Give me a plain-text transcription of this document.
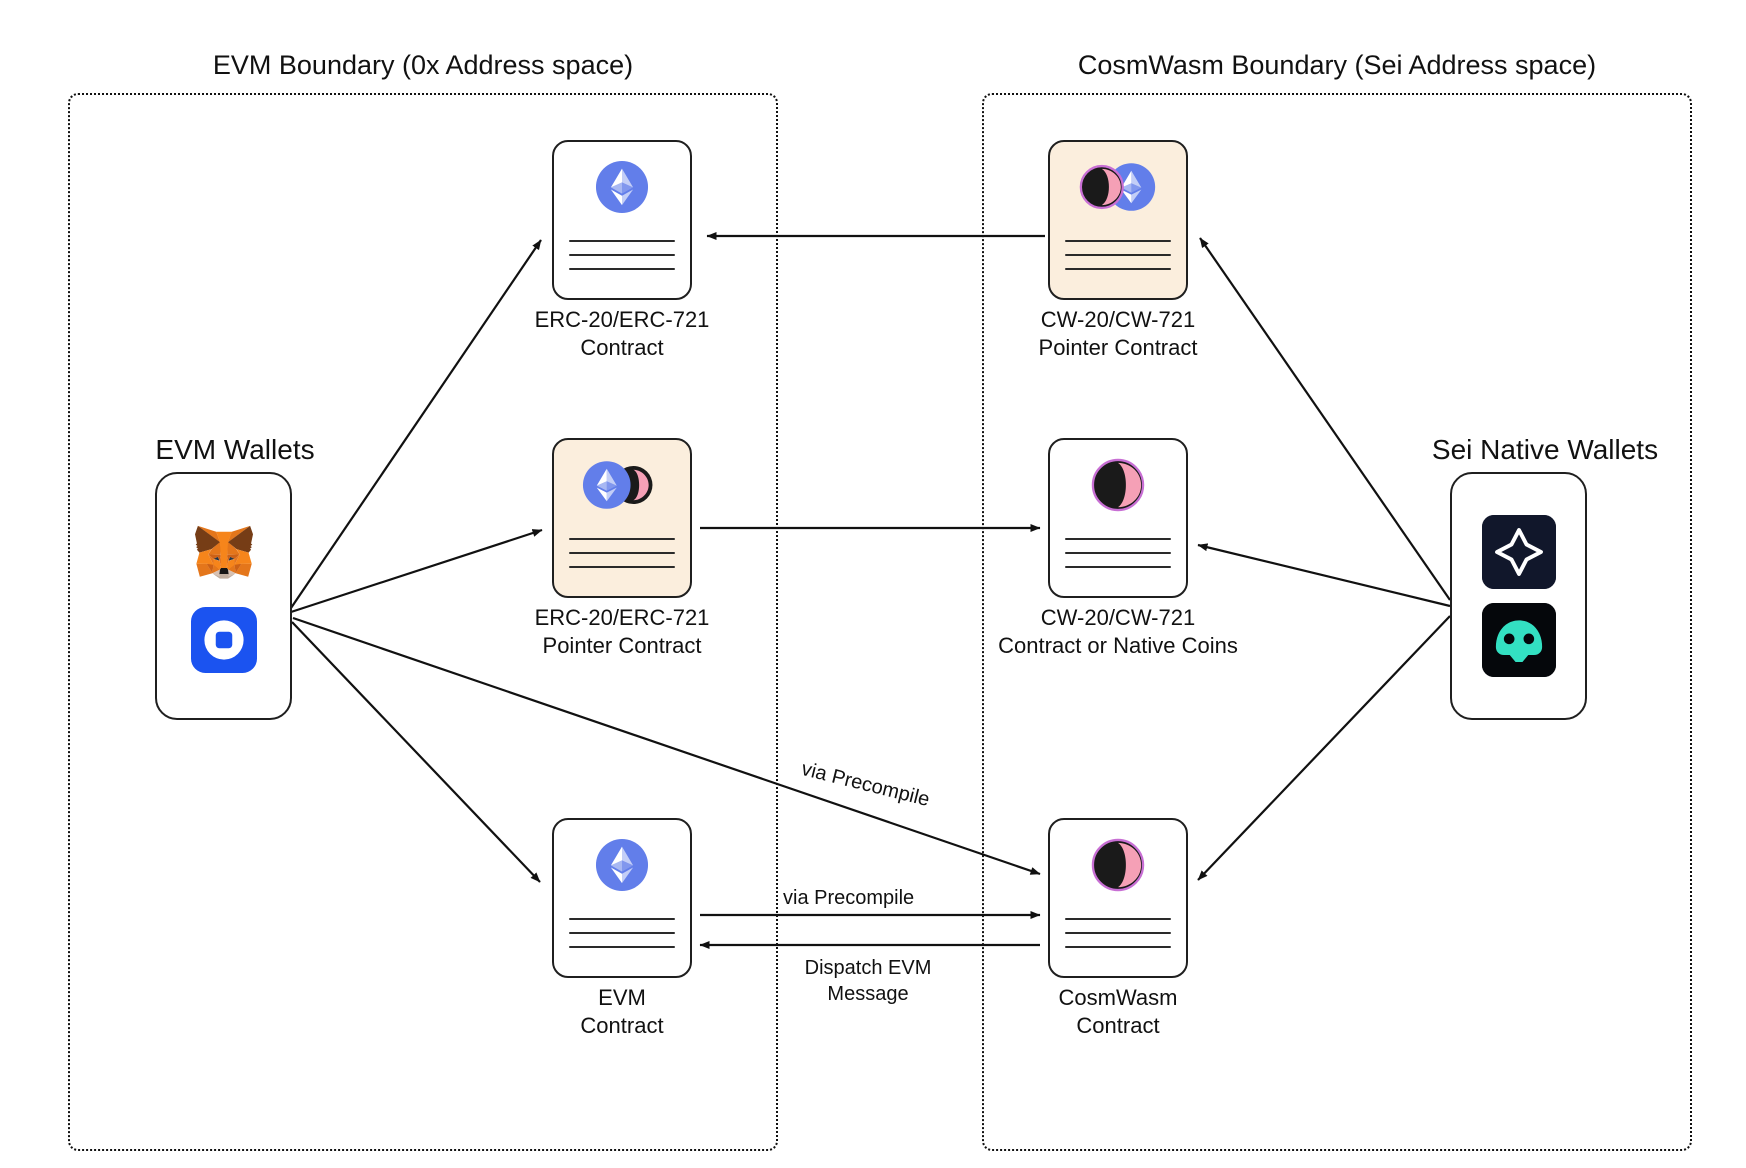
EVM Boundary (0x Address space)	CosmWasm Boundary (Sei Address space)
EVM Wallets	Sei Native Wallets
ERC-20/ERC-721
Contract
ERC-20/ERC-721
Pointer Contract
EVM
Contract
CW-20/CW-721
Pointer Contract
CW-20/CW-721
Contract or Native Coins
CosmWasm
Contract
via Precompile
via Precompile
Dispatch EVM
Message
